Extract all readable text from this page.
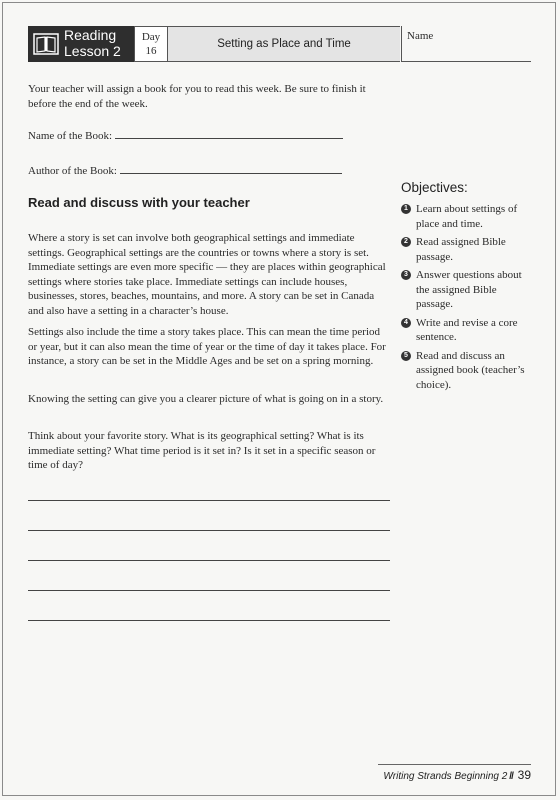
Reading
Lesson 2
Day
16
Setting as Place and Time
Name
Your teacher will assign a book for you to read this week. Be sure to finish it before the end of the week.
Name of the Book:
Author of the Book:
Read and discuss with your teacher
Where a story is set can involve both geographical settings and immediate settings. Geographical settings are the countries or towns where a story is set. Immediate settings are even more specific — they are places within geographical settings where stories take place. Immediate settings can include houses, businesses, stores, beaches, mountains, and more. A story can be set in Canada and also have a setting in a character’s house.
Settings also include the time a story takes place. This can mean the time period or year, but it can also mean the time of year or the time of day it takes place. For instance, a story can be set in the Middle Ages and be set on a spring morning.
Knowing the setting can give you a clearer picture of what is going on in a story.
Think about your favorite story. What is its geographical setting? What is its immediate setting? What time period is it set in? Is it set in a specific season or time of day?
Objectives:
1 Learn about settings of place and time.
2 Read assigned Bible passage.
3 Answer questions about the assigned Bible passage.
4 Write and revise a core sentence.
5 Read and discuss an assigned book (teacher’s choice).
Writing Strands Beginning 2 // 39
